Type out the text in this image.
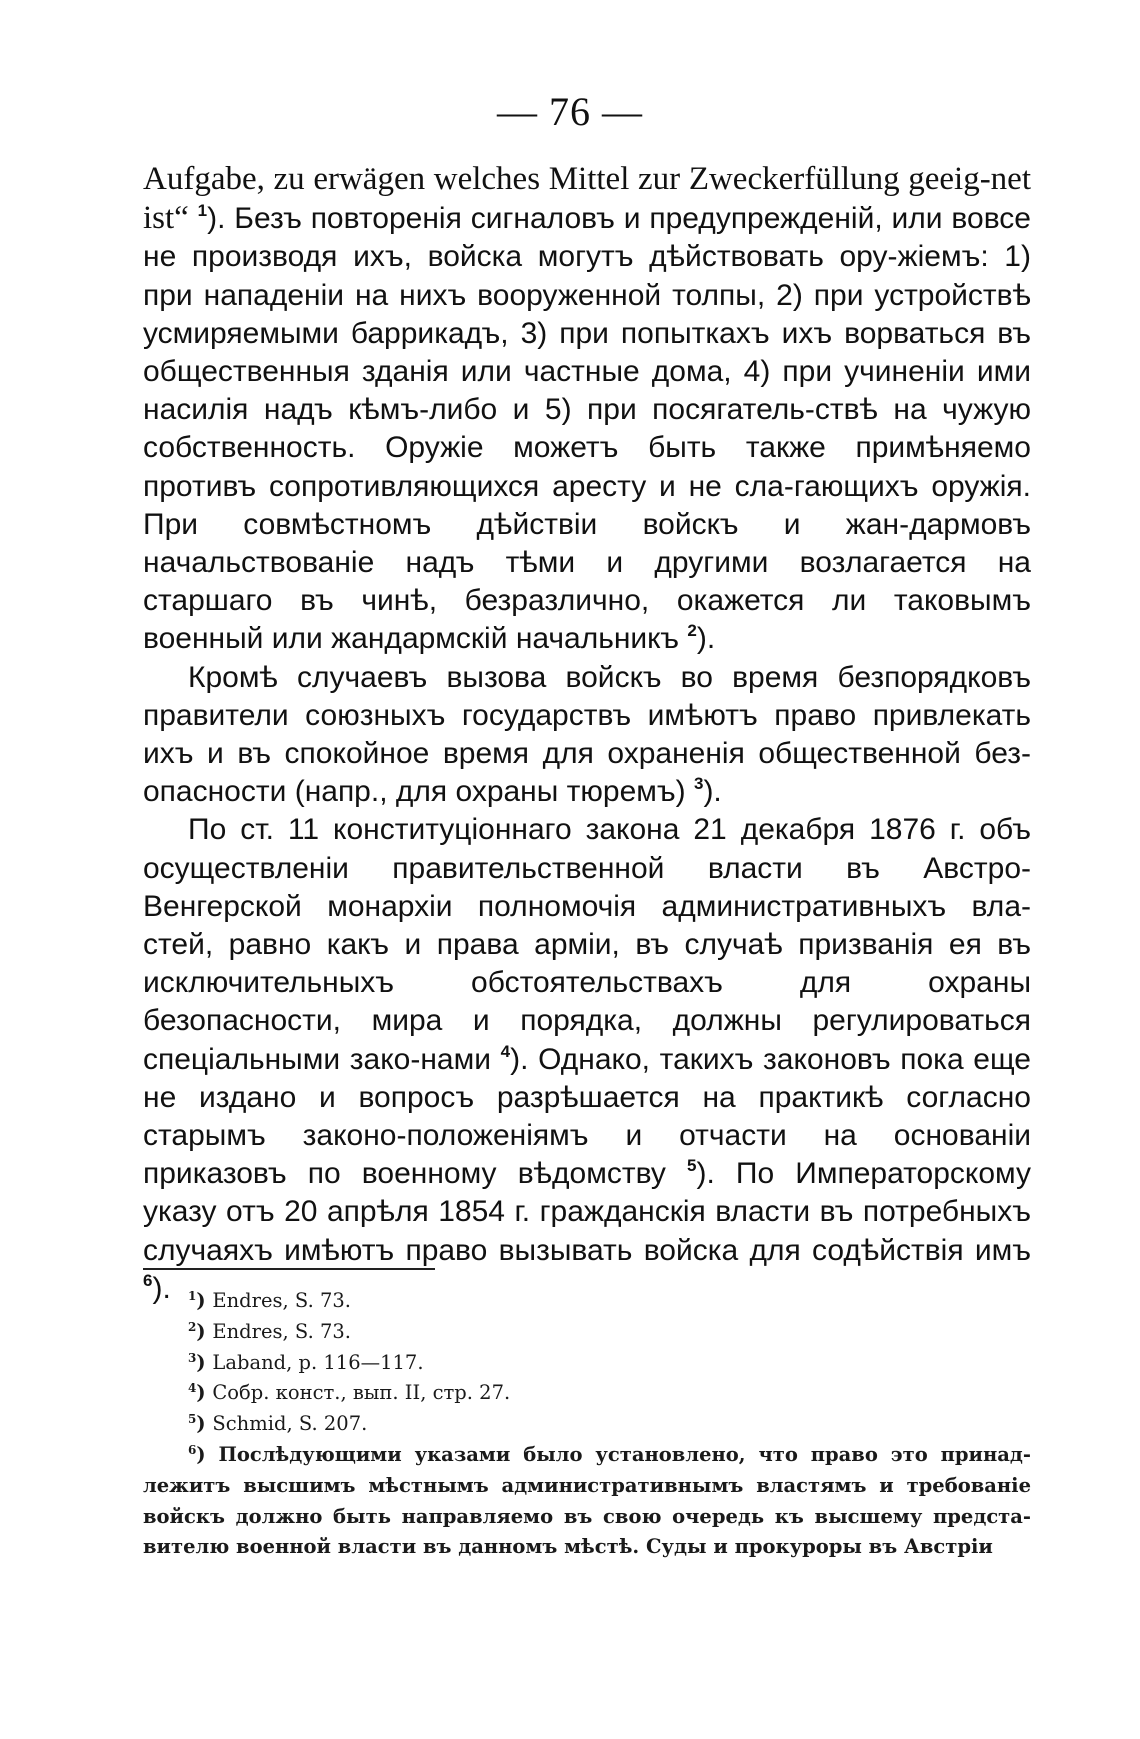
— 76 —

Aufgabe, zu erwägen welches Mittel zur Zweckerfüllung geeig-net ist“ $^1$). Безъ повторенія сигналовъ и предупрежденій, или вовсе не производя ихъ, войска могутъ дѣйствовать ору-жіемъ: 1) при нападеніи на нихъ вооруженной толпы, 2) при устройствѣ усмиряемыми баррикадъ, 3) при попыткахъ ихъ ворваться въ общественныя зданія или частные дома, 4) при учиненіи ими насилія надъ кѣмъ-либо и 5) при посягатель-ствѣ на чужую собственность. Оружіе можетъ быть также примѣняемо противъ сопротивляющихся аресту и не сла-гающихъ оружія. При совмѣстномъ дѣйствіи войскъ и жан-дармовъ начальствованіе надъ тѣми и другими возлагается на старшаго въ чинѣ, безразлично, окажется ли таковымъ военный или жандармскій начальникъ $^2$).

Кромѣ случаевъ вызова войскъ во время безпорядковъ правители союзныхъ государствъ имѣютъ право привлекать ихъ и въ спокойное время для охраненія общественной без-опасности (напр., для охраны тюремъ) $^3$).

По ст. 11 конституціоннаго закона 21 декабря 1876 г. объ осуществленіи правительственной власти въ Австро-Венгерской монархіи полномочія административныхъ вла-стей, равно какъ и права арміи, въ случаѣ призванія ея въ исключительныхъ обстоятельствахъ для охраны безопасности, мира и порядка, должны регулироваться спеціальными зако-нами $^4$). Однако, такихъ законовъ пока еще не издано и вопросъ разрѣшается на практикѣ согласно старымъ законо-положеніямъ и отчасти на основаніи приказовъ по военному вѣдомству $^5$). По Императорскому указу отъ 20 апрѣля 1854 г. гражданскія власти въ потребныхъ случаяхъ имѣютъ право вызывать войска для содѣйствія имъ $^6$).	$^1$) Endres, S. 73.

$^2$) Endres, S. 73.

$^3$) Laband, p. 116—117.

$^4$) Собр. конст., вып. II, стр. 27.

$^5$) Schmid, S. 207.

$^6$) Послѣдующими указами было установлено, что право это принад-лежитъ высшимъ мѣстнымъ административнымъ властямъ и требованіе войскъ должно быть направляемо въ свою очередь къ высшему предста-вителю военной власти въ данномъ мѣстѣ. Суды и прокуроры въ Австріи
